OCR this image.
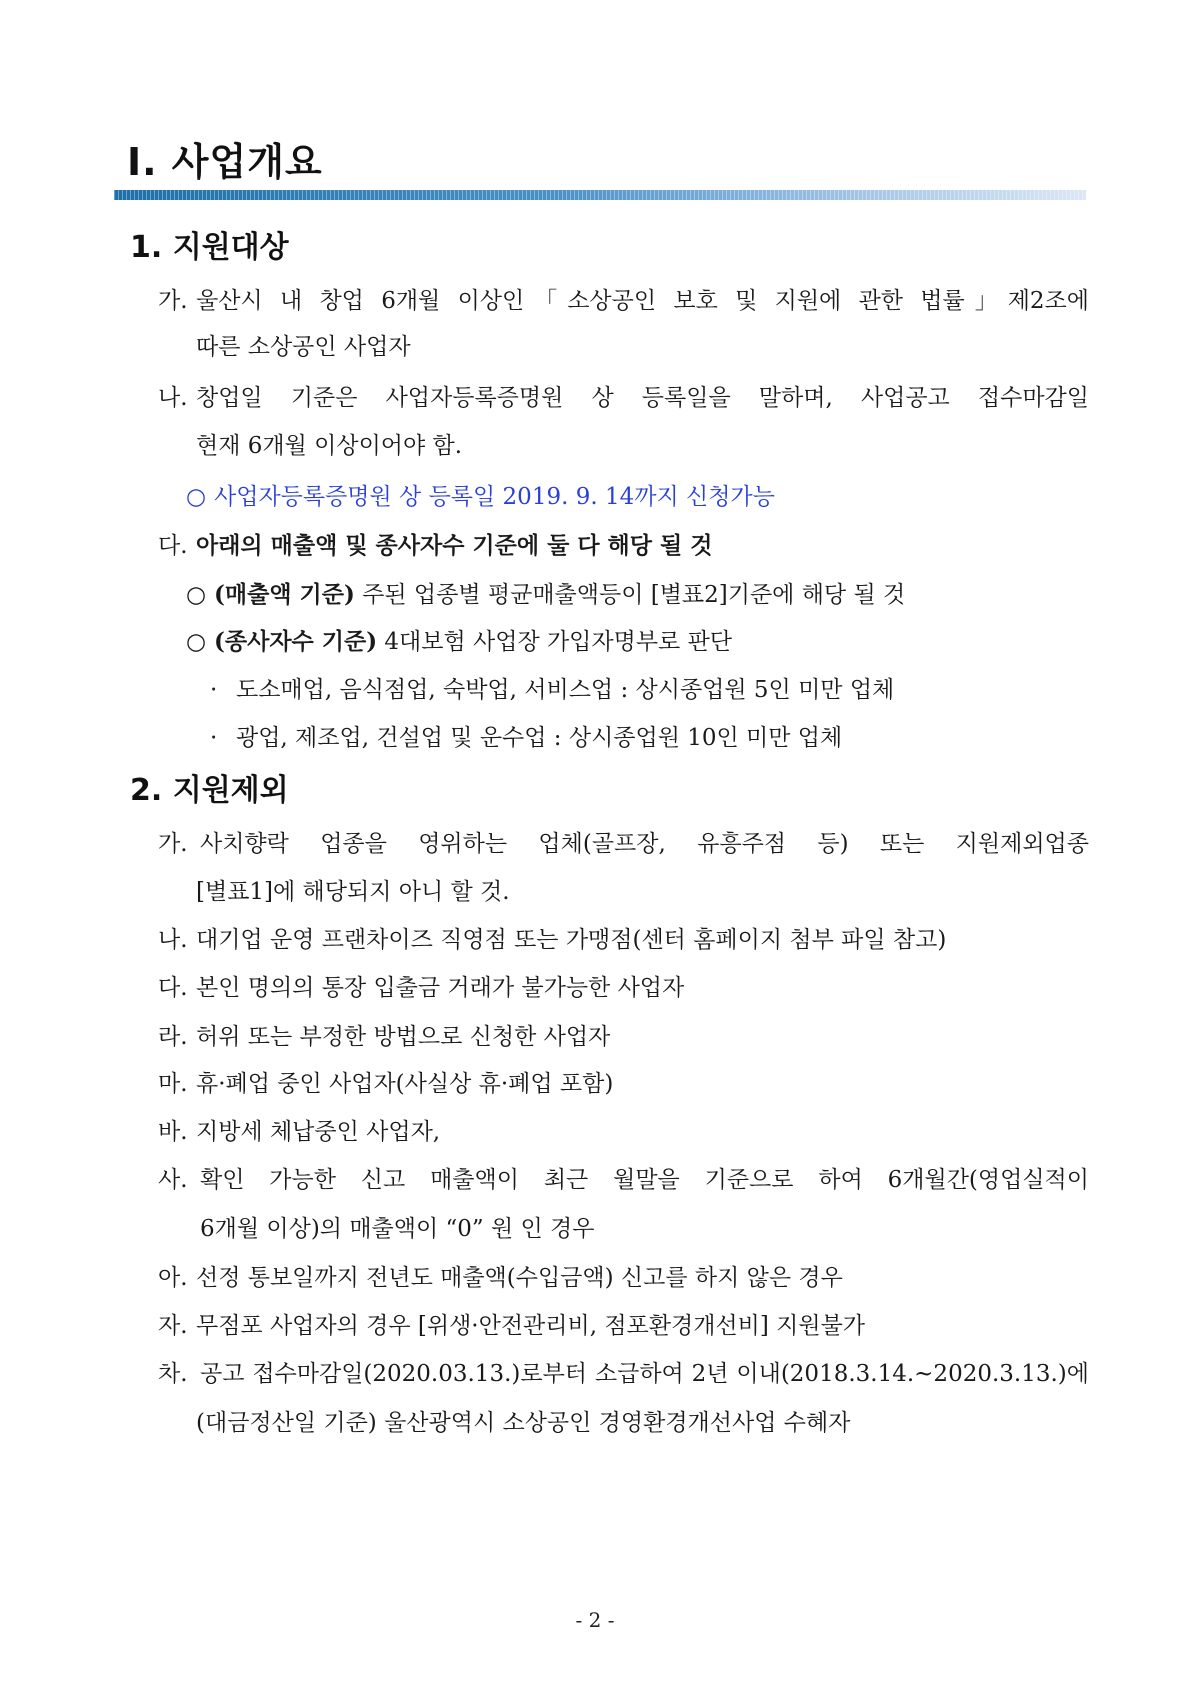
Ⅰ. 사업개요
1. 지원대상
가. 울산시 내 창업 6개월 이상인「소상공인 보호 및 지원에 관한 법률」제2조에
따른 소상공인 사업자
나. 창업일 기준은 사업자등록증명원 상 등록일을 말하며, 사업공고 접수마감일
현재 6개월 이상이어야 함.
○ 사업자등록증명원 상 등록일 2019. 9. 14까지 신청가능
다. 아래의 매출액 및 종사자수 기준에 둘 다 해당 될 것
○ (매출액 기준) 주된 업종별 평균매출액등이 [별표2]기준에 해당 될 것
○ (종사자수 기준) 4대보험 사업장 가입자명부로 판단
· 도소매업, 음식점업, 숙박업, 서비스업 : 상시종업원 5인 미만 업체
· 광업, 제조업, 건설업 및 운수업 : 상시종업원 10인 미만 업체
2. 지원제외
가. 사치향락 업종을 영위하는 업체(골프장, 유흥주점 등) 또는 지원제외업종
[별표1]에 해당되지 아니 할 것.
나. 대기업 운영 프랜차이즈 직영점 또는 가맹점(센터 홈페이지 첨부 파일 참고)
다. 본인 명의의 통장 입출금 거래가 불가능한 사업자
라. 허위 또는 부정한 방법으로 신청한 사업자
마. 휴·폐업 중인 사업자(사실상 휴·폐업 포함)
바. 지방세 체납중인 사업자,
사. 확인 가능한 신고 매출액이 최근 월말을 기준으로 하여 6개월간(영업실적이
6개월 이상)의 매출액이 “0” 원 인 경우
아. 선정 통보일까지 전년도 매출액(수입금액) 신고를 하지 않은 경우
자. 무점포 사업자의 경우 [위생·안전관리비, 점포환경개선비] 지원불가
차. 공고 접수마감일(2020.03.13.)로부터 소급하여 2년 이내(2018.3.14.~2020.3.13.)에
(대금정산일 기준) 울산광역시 소상공인 경영환경개선사업 수혜자
- 2 -
